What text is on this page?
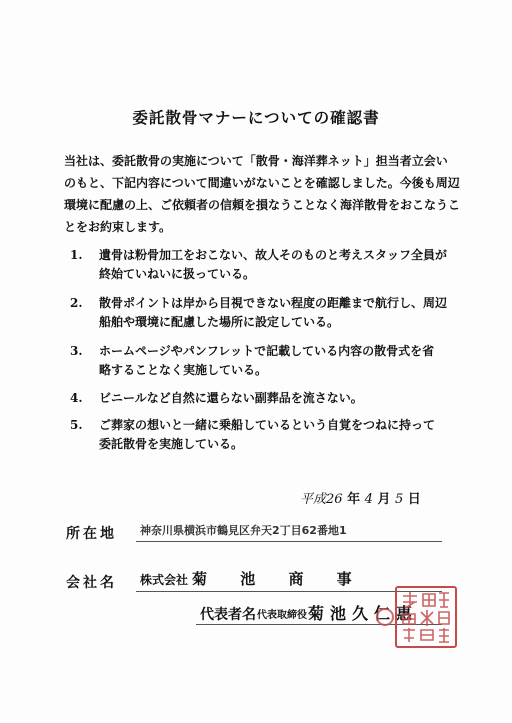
委託散骨マナーについての確認書
当社は、委託散骨の実施について「散骨・海洋葬ネット」担当者立会い
のもと、下記内容について間違いがないことを確認しました。今後も周辺
環境に配慮の上、ご依頼者の信頼を損なうことなく海洋散骨をおこなうこ
とをお約束します。
1. 遺骨は粉骨加工をおこない、故人そのものと考えスタッフ全員が
終始ていねいに扱っている。
2. 散骨ポイントは岸から目視できない程度の距離まで航行し、周辺
船舶や環境に配慮した場所に設定している。
3. ホームページやパンフレットで記載している内容の散骨式を省
略することなく実施している。
4. ビニールなど自然に還らない副葬品を流さない。
5. ご葬家の想いと一緒に乗船しているという自覚をつねに持って
委託散骨を実施している。
平成26 年 4 月 5 日
所在地 神奈川県横浜市鶴見区弁天2丁目62番地1
会社名 株式会社 菊 池 商 事
代表者名 代表取締役 菊池久仁惠
